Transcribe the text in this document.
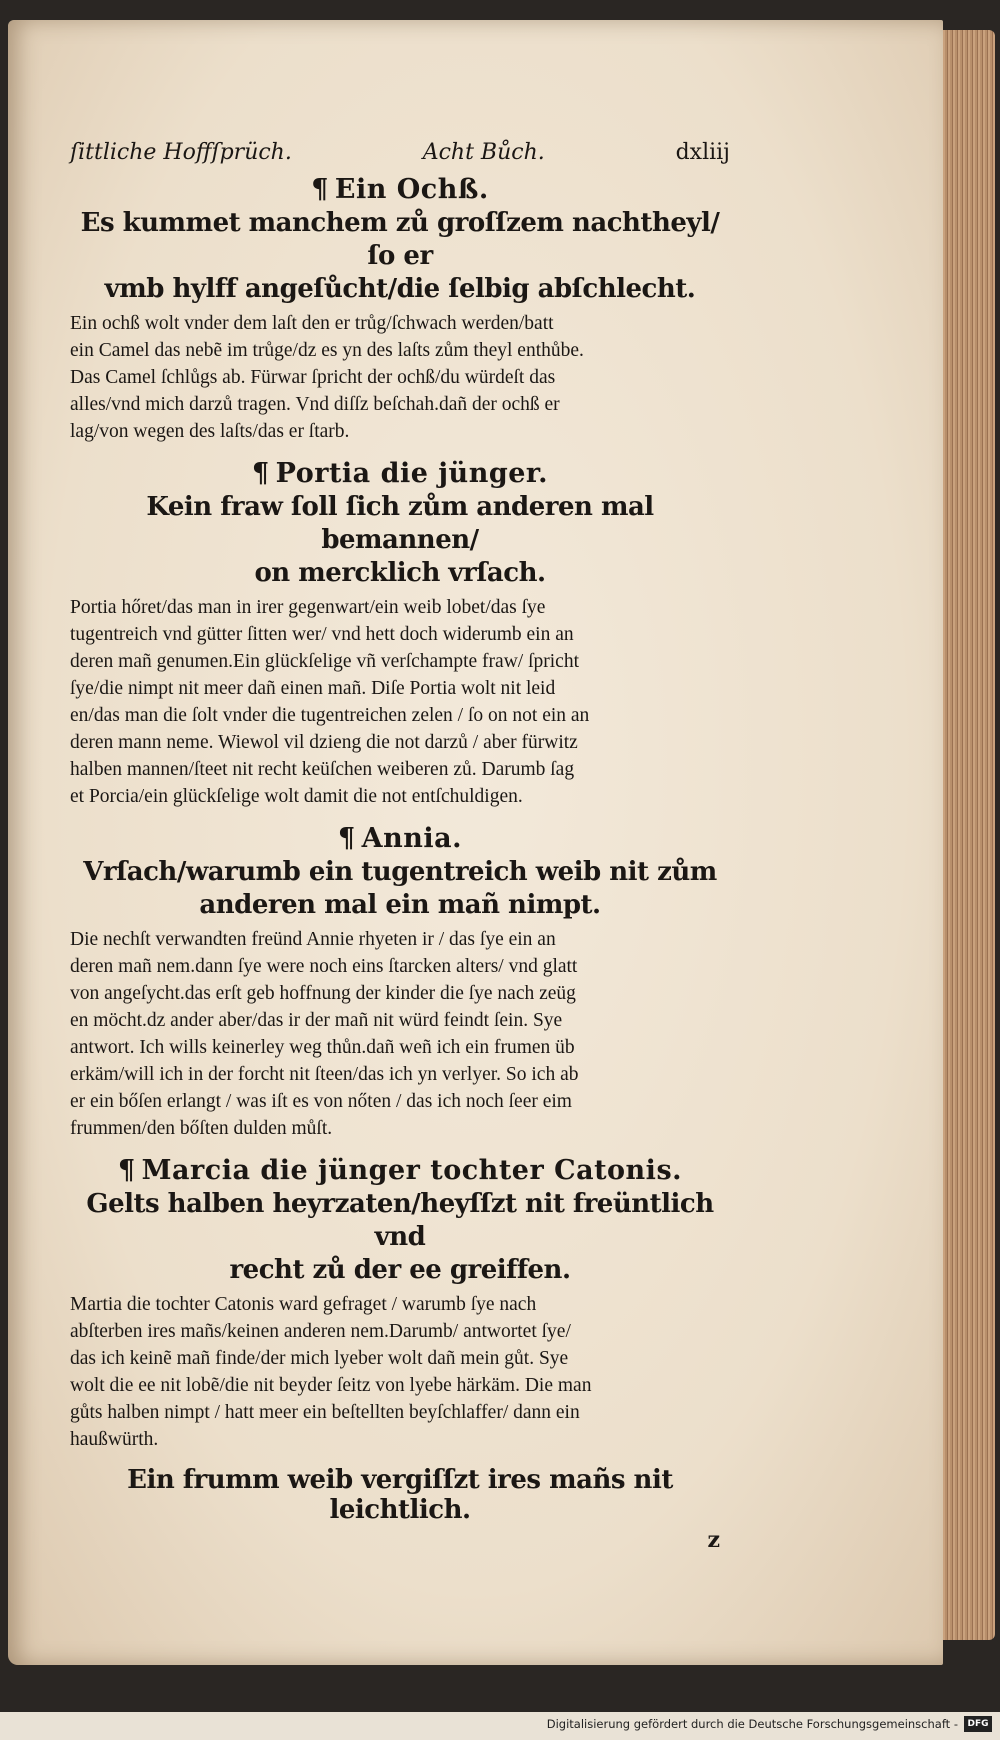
ſittliche Hoffſprüch.	Acht Bůch.	dxliij
¶ Ein Ochß.
Es kummet manchem zů groſſzem nachtheyl/ſo er
vmb hylff angeſůcht/die ſelbig abſchlecht.
Ein ochß wolt vnder dem laſt den er trůg/ſchwach werden/batt
ein Camel das nebẽ im trůge/dz es yn des laſts zům theyl enthůbe.
Das Camel ſchlůgs ab. Fürwar ſpricht der ochß/du würdeſt das
alles/vnd mich darzů tragen. Vnd diſſz beſchah.dañ der ochß er
lag/von wegen des laſts/das er ſtarb.
¶ Portia die jünger.
Kein fraw ſoll ſich zům anderen mal bemannen/
on mercklich vrſach.
Portia hőret/das man in irer gegenwart/ein weib lobet/das ſye
tugentreich vnd gütter ſitten wer/ vnd hett doch widerumb ein an
deren mañ genumen.Ein glückſelige vñ verſchampte fraw/ ſpricht
ſye/die nimpt nit meer dañ einen mañ. Diſe Portia wolt nit leid
en/das man die ſolt vnder die tugentreichen zelen / ſo on not ein an
deren mann neme. Wiewol vil dzieng die not darzů / aber fürwitz
halben mannen/ſteet nit recht keüſchen weiberen zů. Darumb ſag
et Porcia/ein glückſelige wolt damit die not entſchuldigen.
¶ Annia.
Vrſach/warumb ein tugentreich weib nit zům
anderen mal ein mañ nimpt.
Die nechſt verwandten freünd Annie rhyeten ir / das ſye ein an
deren mañ nem.dann ſye were noch eins ſtarcken alters/ vnd glatt
von angeſycht.das erſt geb hoffnung der kinder die ſye nach zeüg
en möcht.dz ander aber/das ir der mañ nit würd feindt ſein. Sye
antwort. Ich wills keinerley weg thůn.dañ weñ ich ein frumen üb
erkäm/will ich in der forcht nit ſteen/das ich yn verlyer. So ich ab
er ein bőſen erlangt / was iſt es von nőten / das ich noch ſeer eim
frummen/den bőſten dulden můſt.
¶ Marcia die jünger tochter Catonis.
Gelts halben heyrzaten/heyſſzt nit freüntlich vnd
recht zů der ee greiffen.
Martia die tochter Catonis ward gefraget / warumb ſye nach
abſterben ires mañs/keinen anderen nem.Darumb/ antwortet ſye/
das ich keinẽ mañ finde/der mich lyeber wolt dañ mein gůt. Sye
wolt die ee nit lobẽ/die nit beyder ſeitz von lyebe härkäm. Die man
gůts halben nimpt / hatt meer ein beſtellten beyſchlaffer/ dann ein
haußwürth.
Ein frumm weib vergiſſzt ires mañs nit leichtlich.
z
Digitalisierung gefördert durch die Deutsche Forschungsgemeinschaft -	DFG
